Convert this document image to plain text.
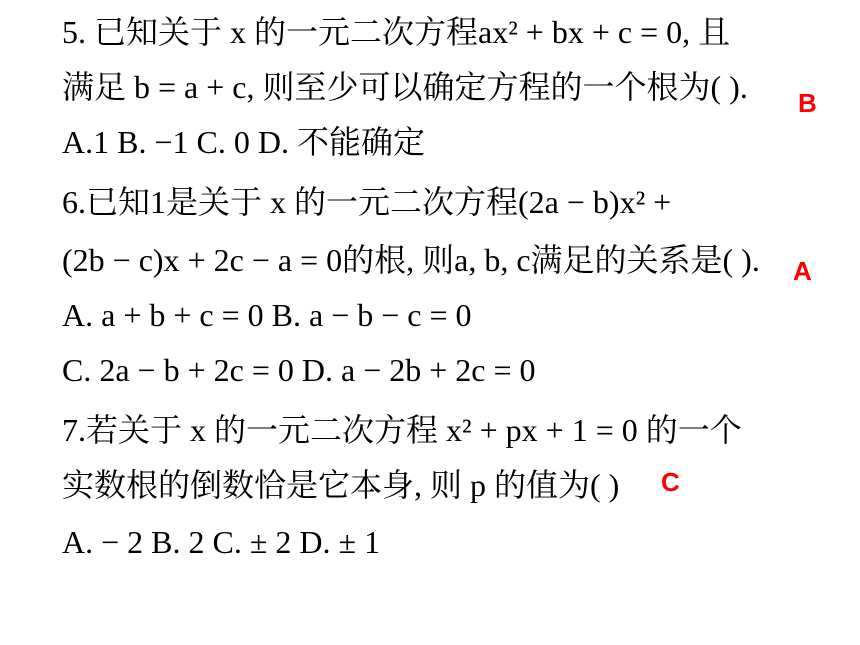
5. 已知关于 x 的一元二次方程ax² + bx + c = 0, 且
满足 b = a + c, 则至少可以确定方程的一个根为( ).
A.1 B. −1 C. 0 D. 不能确定
B
6.已知1是关于 x 的一元二次方程(2a − b)x² +
(2b − c)x + 2c − a = 0的根, 则a, b, c满足的关系是( ).
A. a + b + c = 0 B. a − b − c = 0
C. 2a − b + 2c = 0 D. a − 2b + 2c = 0
A
7.若关于 x 的一元二次方程 x² + px + 1 = 0 的一个
实数根的倒数恰是它本身, 则 p 的值为( )
A. − 2 B. 2 C. ± 2 D. ± 1
C
